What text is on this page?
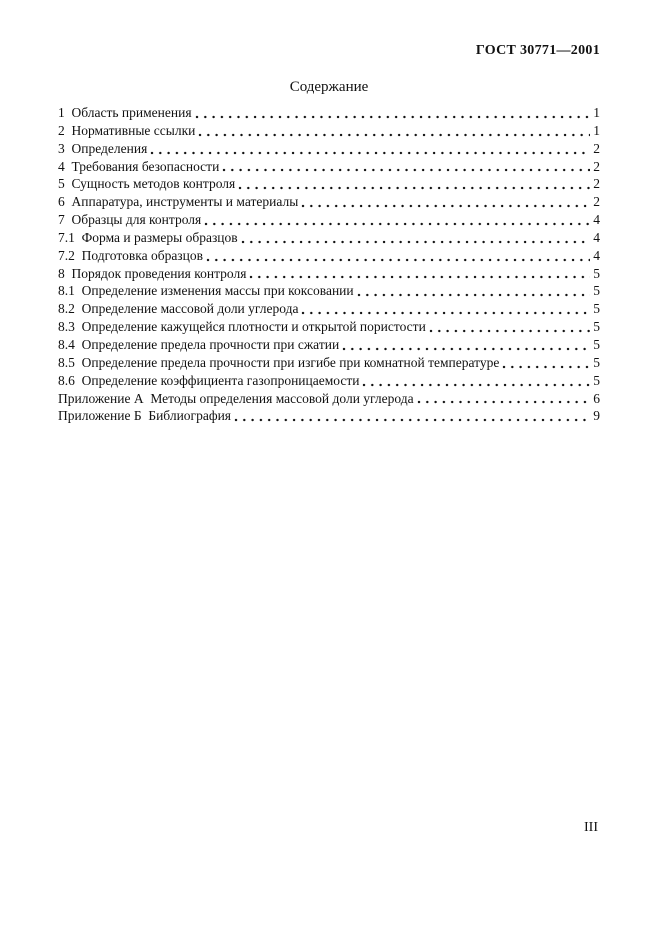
ГОСТ 30771—2001
Содержание
1  Область применения	1
2  Нормативные ссылки	1
3  Определения	2
4  Требования безопасности	2
5  Сущность методов контроля	2
6  Аппаратура, инструменты и материалы	2
7  Образцы для контроля	4
7.1  Форма и размеры образцов	4
7.2  Подготовка образцов	4
8  Порядок проведения контроля	5
8.1  Определение изменения массы при коксовании	5
8.2  Определение массовой доли углерода	5
8.3  Определение кажущейся плотности и открытой пористости	5
8.4  Определение предела прочности при сжатии	5
8.5  Определение предела прочности при изгибе при комнатной температуре	5
8.6  Определение коэффициента газопроницаемости	5
Приложение А  Методы определения массовой доли углерода	6
Приложение Б  Библиография	9
III
